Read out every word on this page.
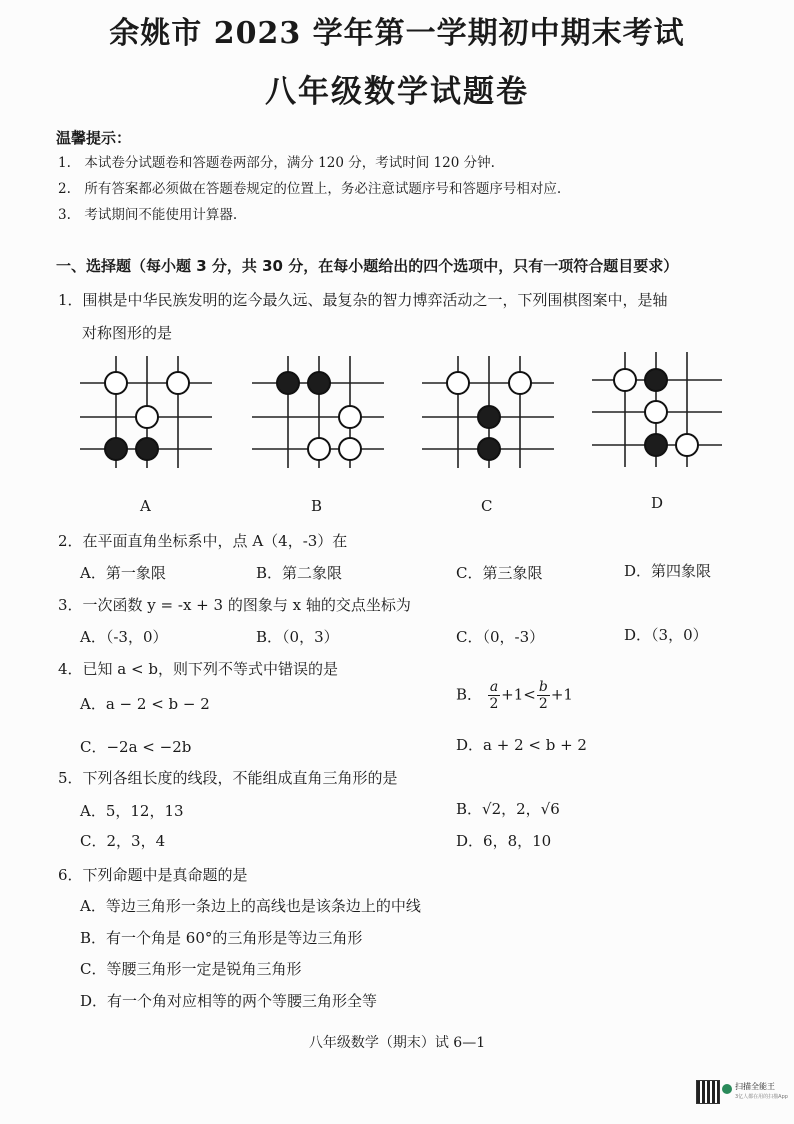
余姚市 2023 学年第一学期初中期末考试
八年级数学试题卷
温馨提示：
1.　本试卷分试题卷和答题卷两部分，满分 120 分，考试时间 120 分钟.
2.　所有答案都必须做在答题卷规定的位置上，务必注意试题序号和答题序号相对应.
3.　考试期间不能使用计算器.
一、选择题（每小题 3 分，共 30 分，在每小题给出的四个选项中，只有一项符合题目要求）
1．围棋是中华民族发明的迄今最久远、最复杂的智力博弈活动之一，下列围棋图案中，是轴
对称图形的是
A	B	C	D
2．在平面直角坐标系中，点 A（4，-3）在
A．第一象限	B．第二象限	C．第三象限	D．第四象限
3．一次函数 y = -x + 3 的图象与 x 轴的交点坐标为
A．（-3，0）	B．（0，3）	C．（0，-3）	D．（3，0）
4．已知 a < b，则下列不等式中错误的是
A．a − 2 < b − 2
B． $\frac{a}{2} +1< \frac{b}{2} +1$
C．−2a < −2b	D．a + 2 < b + 2
5．下列各组长度的线段，不能组成直角三角形的是
A．5，12，13	B．√2，2，√6
C．2，3，4	D．6，8，10
6．下列命题中是真命题的是
A．等边三角形一条边上的高线也是该条边上的中线
B．有一个角是 60°的三角形是等边三角形
C．等腰三角形一定是锐角三角形
D．有一个角对应相等的两个等腰三角形全等
八年级数学（期末）试 6—1
扫描全能王
3亿人都在用的扫描App
